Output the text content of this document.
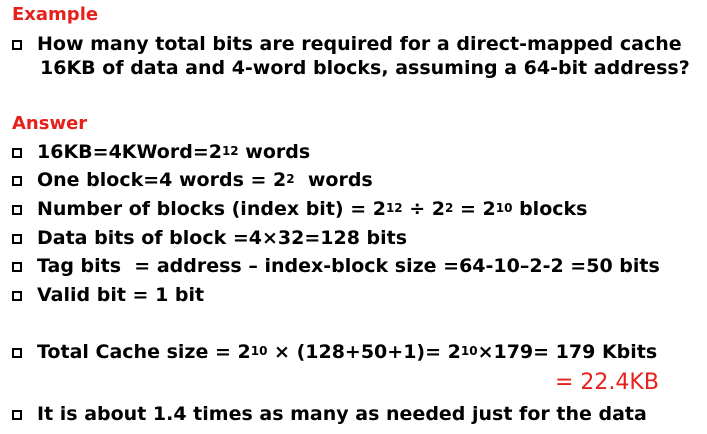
Example
How many total bits are required for a direct-mapped cache
16KB of data and 4-word blocks, assuming a 64-bit address?
Answer
$16KB=4KWord=2^{12}$ words
One block=4 words = $2^2$  words
Number of blocks (index $bit) = 2^{12} \div 2^2 = 2^{10}$ blocks
Data bits of block =4×32=128 bits
Tag bits  = address – index-block size =64-10–2-2 =50 bits
Valid bit = 1 bit
Total Cache size = $2^{10} \times (128+50+1)= 2^{10}\times 179= 179$ Kbits
= 22.4KB
It is about 1.4 times as many as needed just for the data
